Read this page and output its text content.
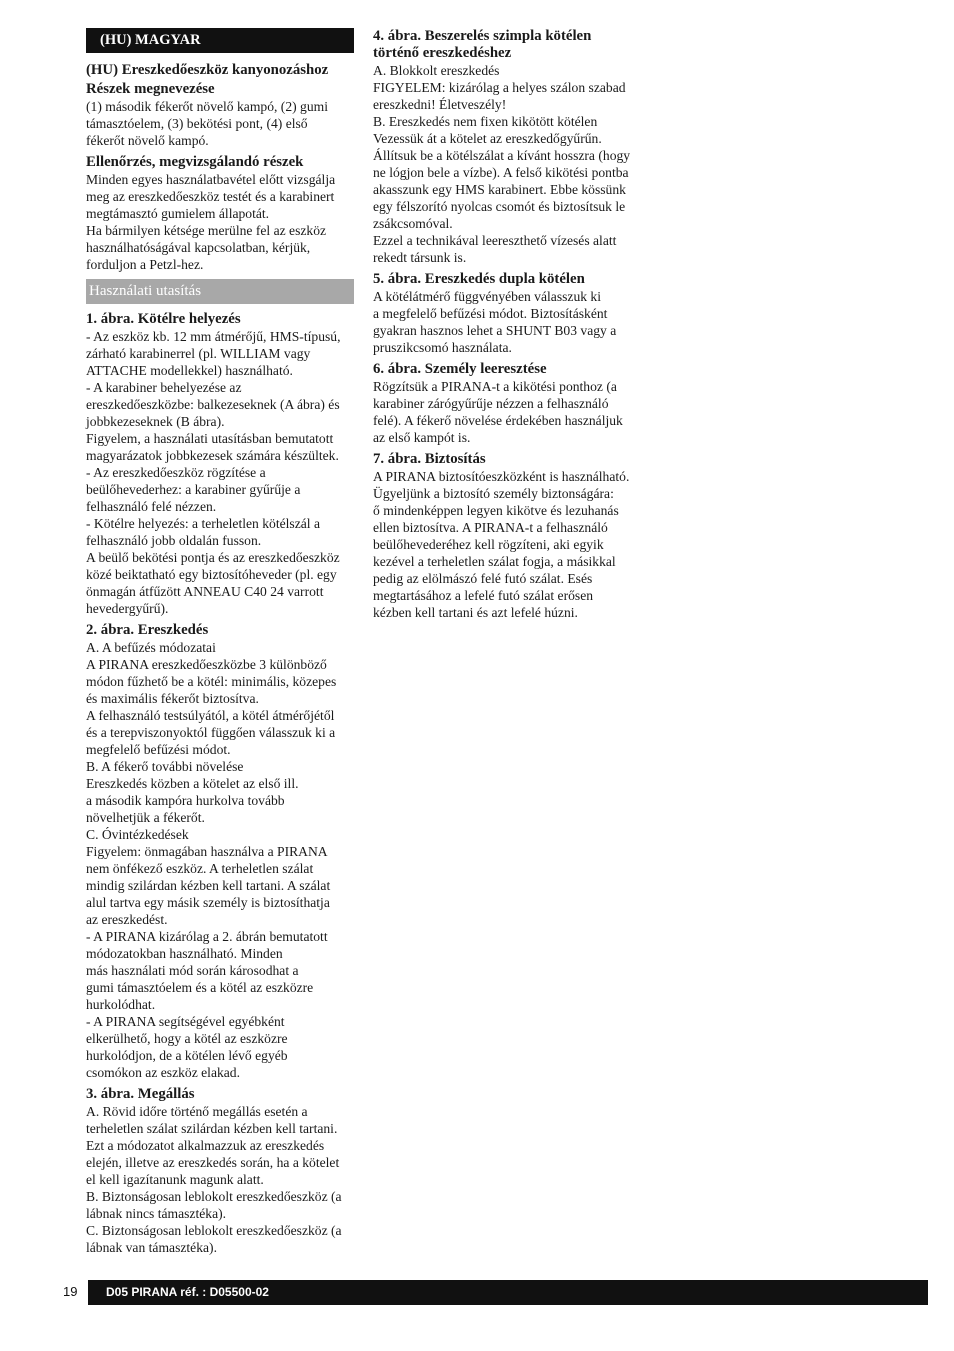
(HU) MAGYAR
(HU) Ereszkedőeszköz kanyonozáshoz
Részek megnevezése

(1) második fékerőt növelő kampó, (2) gumi
támasztóelem, (3) bekötési pont, (4) első
fékerőt növelő kampó.

Ellenőrzés, megvizsgálandó részek

Minden egyes használatbavétel előtt vizsgálja
meg az ereszkedőeszköz testét és a karabinert
megtámasztó gumielem állapotát.
Ha bármilyen kétsége merülne fel az eszköz
használhatóságával kapcsolatban, kérjük,
forduljon a Petzl-hez.

Használati utasítás
1. ábra. Kötélre helyezés

- Az eszköz kb. 12 mm átmérőjű, HMS-típusú,
zárható karabinerrel (pl. WILLIAM vagy
ATTACHE modellekkel) használható.
- A karabiner behelyezése az
ereszkedőeszközbe: balkezeseknek (A ábra) és
jobbkezeseknek (B ábra).
Figyelem, a használati utasításban bemutatott
magyarázatok jobbkezesek számára készültek.
- Az ereszkedőeszköz rögzítése a
beülőhevederhez: a karabiner gyűrűje a
felhasználó felé nézzen.
- Kötélre helyezés: a terheletlen kötélszál a
felhasználó jobb oldalán fusson.
A beülő bekötési pontja és az ereszkedőeszköz
közé beiktatható egy biztosítóheveder (pl. egy
önmagán átfűzött ANNEAU C40 24 varrott
hevedergyűrű).

2. ábra. Ereszkedés

A. A befűzés módozatai
A PIRANA ereszkedőeszközbe 3 különböző
módon fűzhető be a kötél: minimális, közepes
és maximális fékerőt biztosítva.
A felhasználó testsúlyától, a kötél átmérőjétől
és a terepviszonyoktól függően válasszuk ki a
megfelelő befűzési módot.
B. A fékerő további növelése
Ereszkedés közben a kötelet az első ill.
a második kampóra hurkolva tovább
növelhetjük a fékerőt.
C. Óvintézkedések
Figyelem: önmagában használva a PIRANA
nem önfékező eszköz. A terheletlen szálat
mindig szilárdan kézben kell tartani. A szálat
alul tartva egy másik személy is biztosíthatja
az ereszkedést.
- A PIRANA kizárólag a 2. ábrán bemutatott
módozatokban használható. Minden
más használati mód során károsodhat a
gumi támasztóelem és a kötél az eszközre
hurkolódhat.
- A PIRANA segítségével egyébként
elkerülhető, hogy a kötél az eszközre
hurkolódjon, de a kötélen lévő egyéb
csomókon az eszköz elakad.

3. ábra. Megállás

A. Rövid időre történő megállás esetén a
terheletlen szálat szilárdan kézben kell tartani.
Ezt a módozatot alkalmazzuk az ereszkedés
elején, illetve az ereszkedés során, ha a kötelet
el kell igazítanunk magunk alatt.
B. Biztonságosan leblokolt ereszkedőeszköz (a
lábnak nincs támasztéka).
C. Biztonságosan leblokolt ereszkedőeszköz (a
lábnak van támasztéka).

4. ábra. Beszerelés szimpla kötélen
történő ereszkedéshez

A. Blokkolt ereszkedés
FIGYELEM: kizárólag a helyes szálon szabad
ereszkedni! Életveszély!
B. Ereszkedés nem fixen kikötött kötélen
Vezessük át a kötelet az ereszkedőgyűrűn.
Állítsuk be a kötélszálat a kívánt hosszra (hogy
ne lógjon bele a vízbe). A felső kikötési pontba
akasszunk egy HMS karabinert. Ebbe kössünk
egy félszorító nyolcas csomót és biztosítsuk le
zsákcsomóval.
Ezzel a technikával leereszthető vízesés alatt
rekedt társunk is.

5. ábra. Ereszkedés dupla kötélen

A kötélátmérő függvényében válasszuk ki
a megfelelő befűzési módot. Biztosításként
gyakran hasznos lehet a SHUNT B03 vagy a
pruszikcsomó használata.

6. ábra. Személy leeresztése

Rögzítsük a PIRANA-t a kikötési ponthoz (a
karabiner zárógyűrűje nézzen a felhasználó
felé). A fékerő növelése érdekében használjuk
az első kampót is.

7. ábra. Biztosítás

A PIRANA biztosítóeszközként is használható.
Ügyeljünk a biztosító személy biztonságára:
ő mindenképpen legyen kikötve és lezuhanás
ellen biztosítva. A PIRANA-t a felhasználó
beülőhevederéhez kell rögzíteni, aki egyik
kezével a terheletlen szálat fogja, a másikkal
pedig az elölmászó felé futó szálat. Esés
megtartásához a lefelé futó szálat erősen
kézben kell tartani és azt lefelé húzni.

19 D05 PIRANA réf. : D05500-02
